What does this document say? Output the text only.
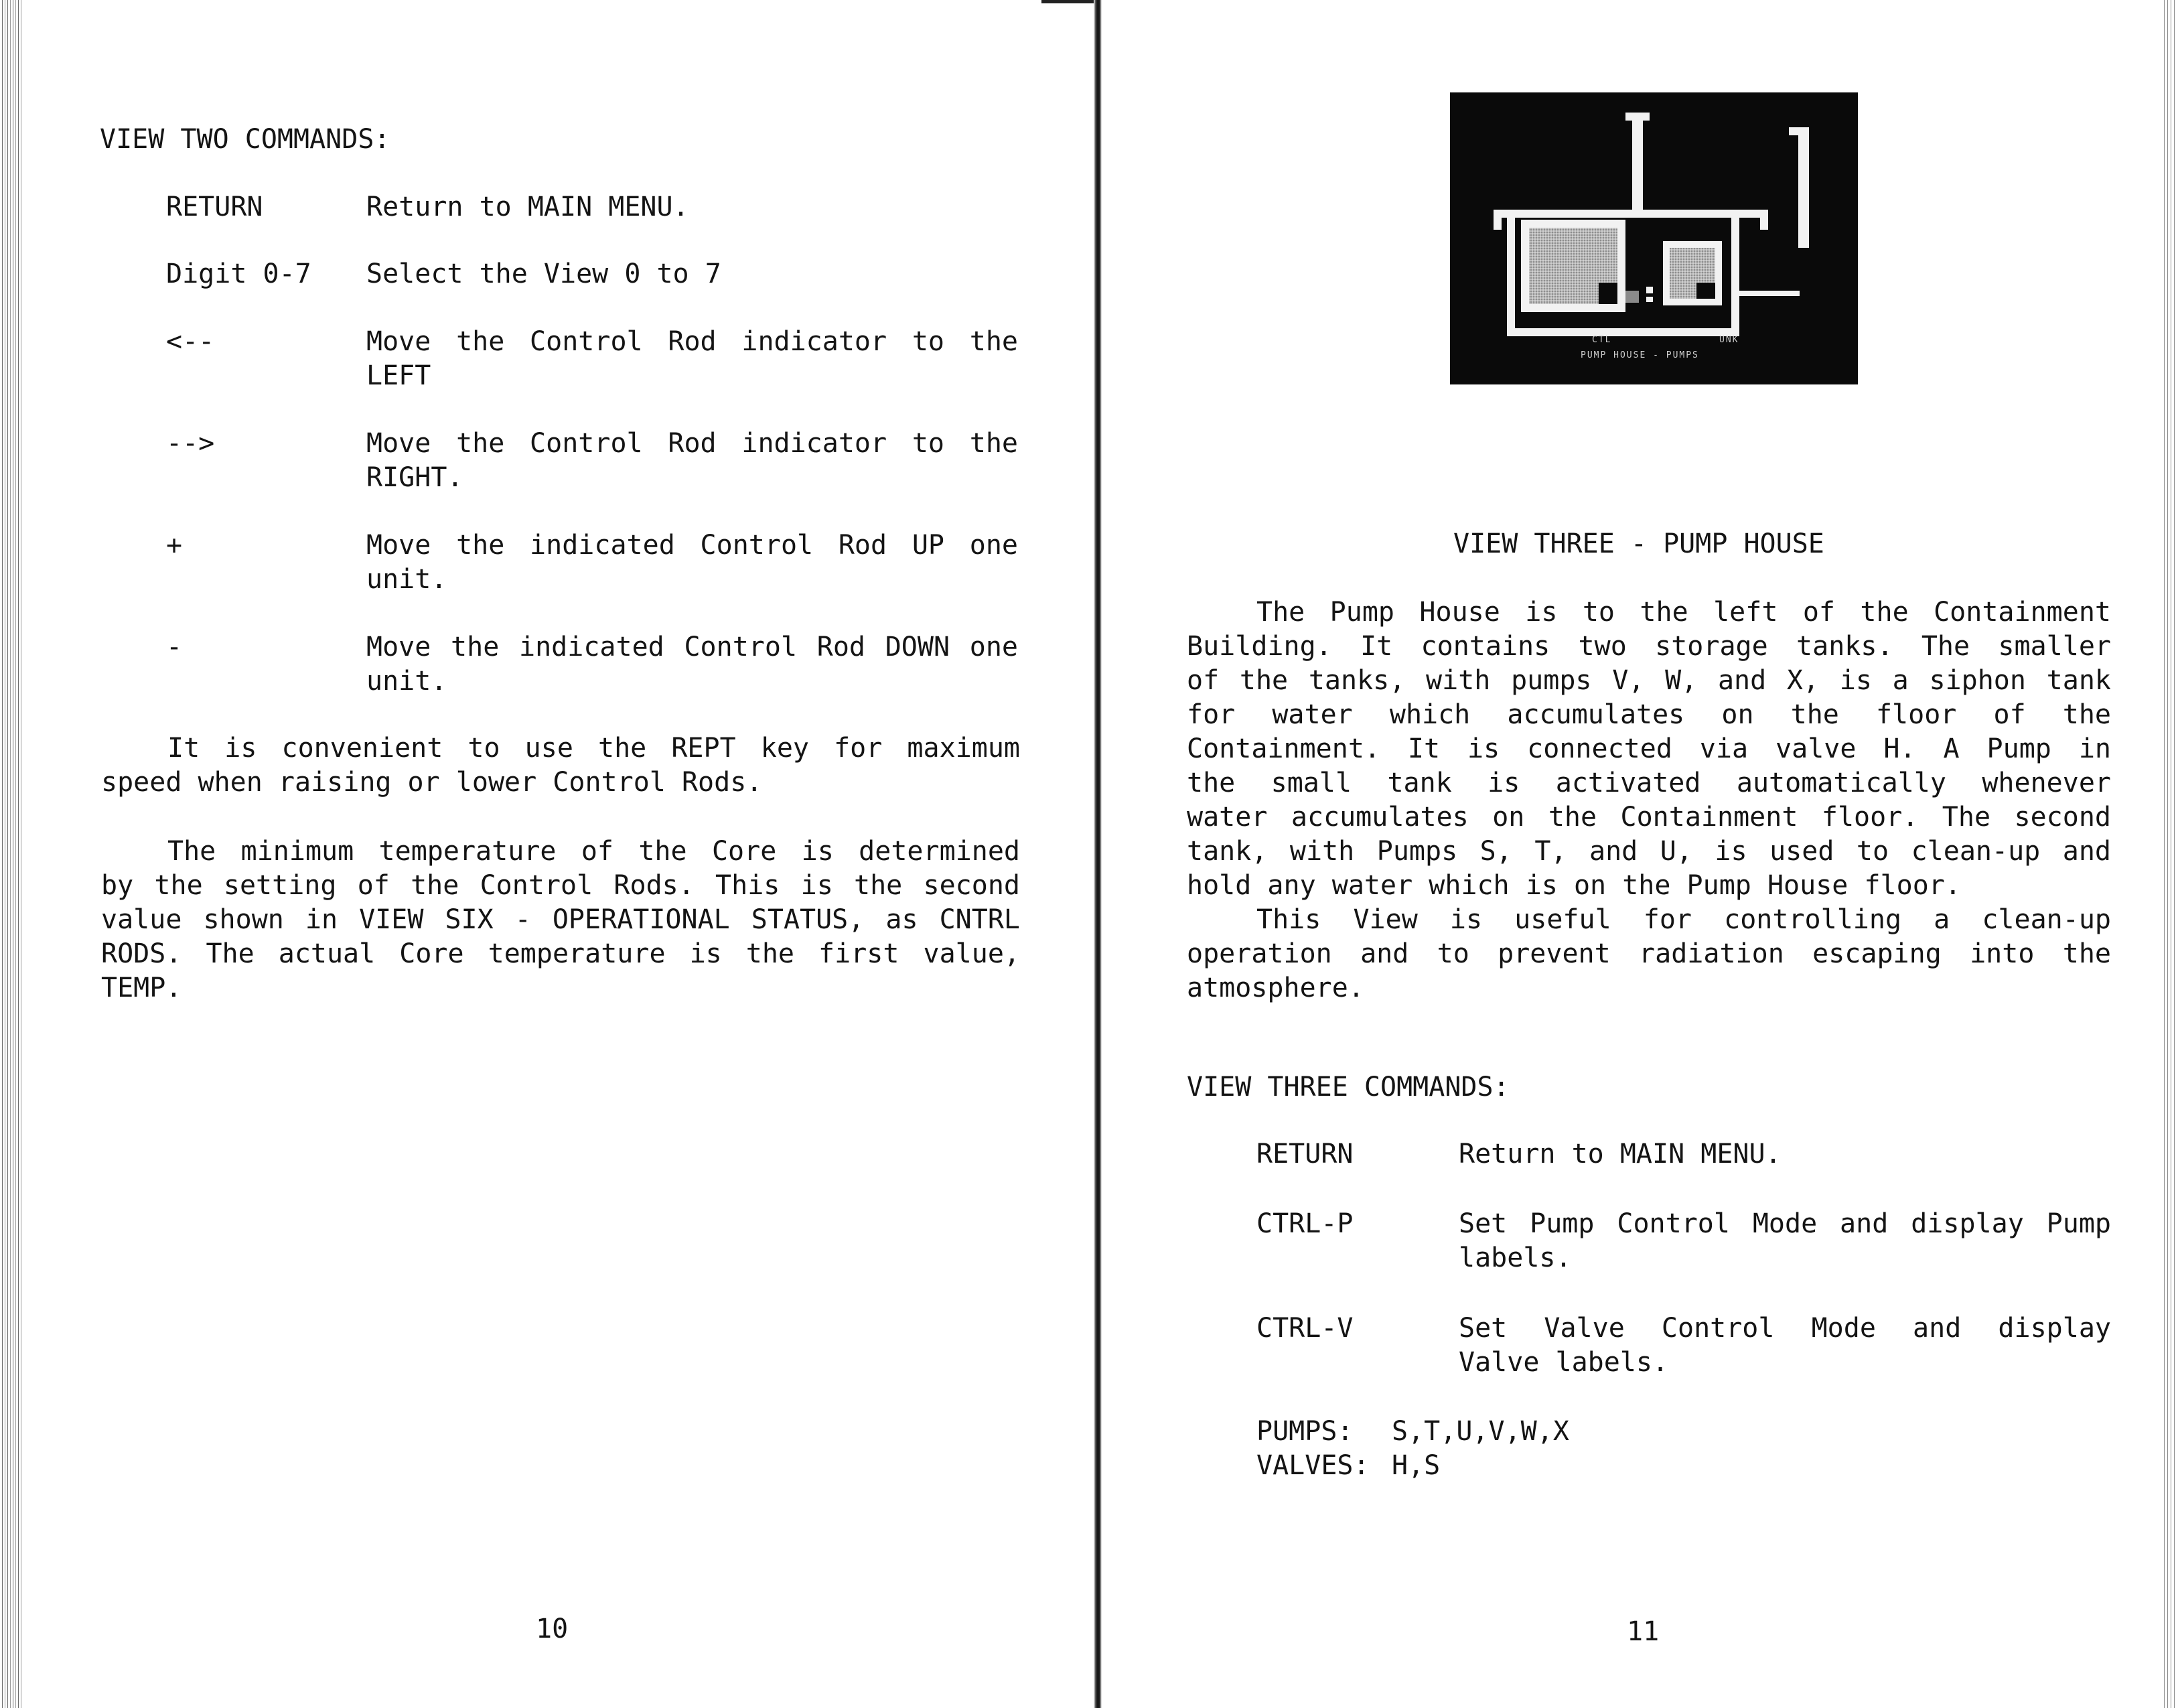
VIEW TWO COMMANDS:
RETURN	Return to MAIN MENU.
Digit 0-7 Select the View 0 to 7
<--	Move the Control Rod indicator to the
LEFT
-->	Move the Control Rod indicator to the
RIGHT.
+	Move the indicated Control Rod UP one
unit.
-	Move the indicated Control Rod DOWN one
unit.
It is convenient to use the REPT key for maximum
speed when raising or lower Control Rods.
The minimum temperature of the Core is determined
by the setting of the Control Rods. This is the second
value shown in VIEW SIX - OPERATIONAL STATUS, as CNTRL
RODS. The actual Core temperature is the first value,
TEMP.
10
CTL	UNK
PUMP HOUSE - PUMPS
VIEW THREE - PUMP HOUSE
The Pump House is to the left of the Containment
Building. It contains two storage tanks. The smaller
of the tanks, with pumps V, W, and X, is a siphon tank
for water which accumulates on the floor of the
Containment. It is connected via valve H. A Pump in
the small tank is activated automatically whenever
water accumulates on the Containment floor. The second
tank, with Pumps S, T, and U, is used to clean-up and
hold any water which is on the Pump House floor.
This View is useful for controlling a clean-up
operation and to prevent radiation escaping into the
atmosphere.
VIEW THREE COMMANDS:
RETURN	Return to MAIN MENU.
CTRL-P	Set Pump Control Mode and display Pump
labels.
CTRL-V	Set Valve Control Mode and display
Valve labels.
PUMPS: S,T,U,V,W,X
VALVES: H,S
11
